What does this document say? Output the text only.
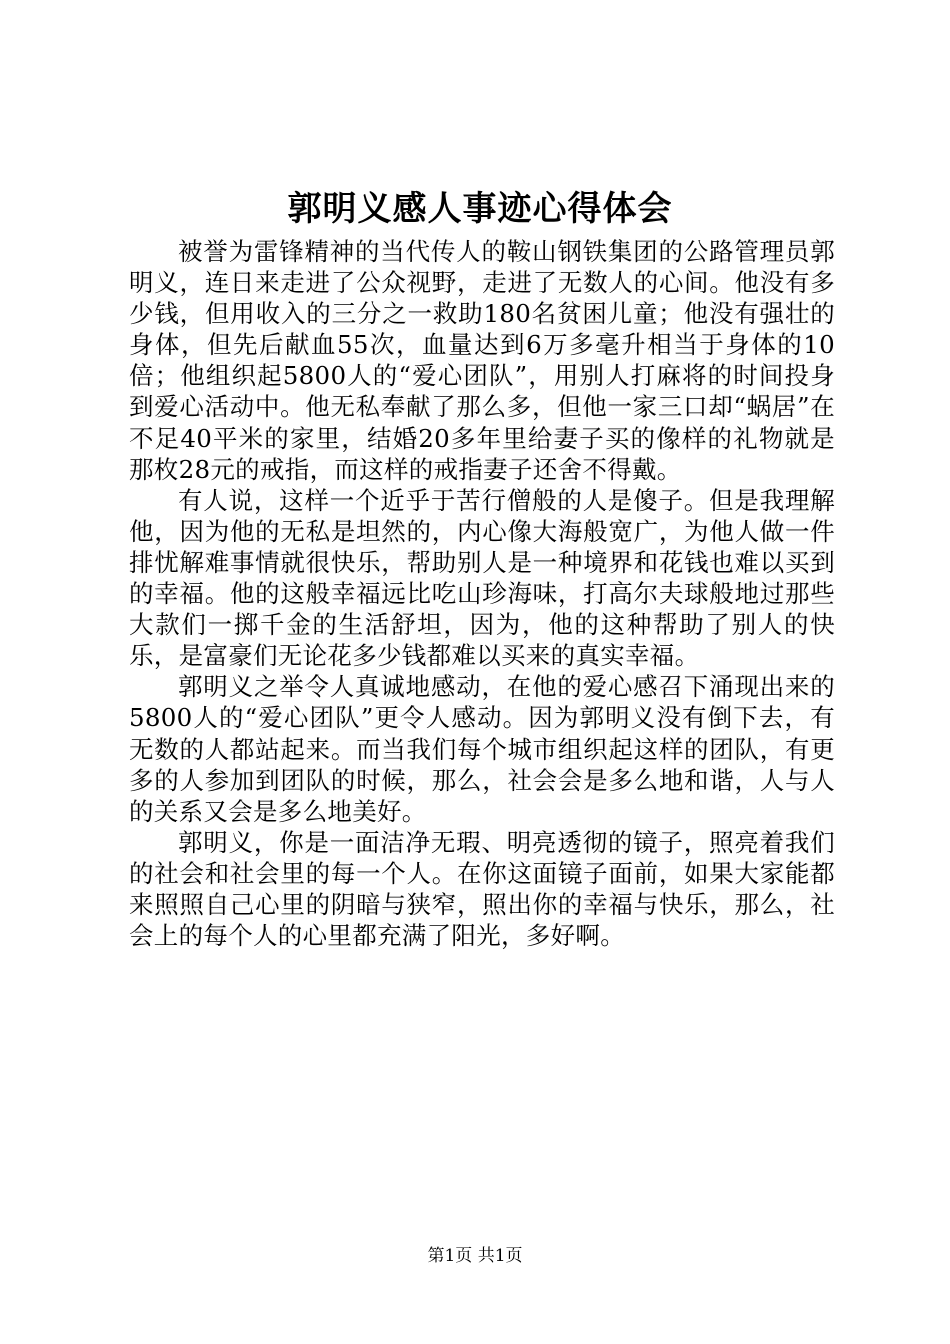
郭明义感人事迹心得体会

被誉为雷锋精神的当代传人的鞍山钢铁集团的公路管理员郭明义，连日来走进了公众视野，走进了无数人的心间。他没有多少钱，但用收入的三分之一救助180名贫困儿童；他没有强壮的身体，但先后献血55次，血量达到6万多毫升相当于身体的10倍；他组织起5800人的“爱心团队”，用别人打麻将的时间投身到爱心活动中。他无私奉献了那么多，但他一家三口却“蜗居”在不足40平米的家里，结婚20多年里给妻子买的像样的礼物就是那枚28元的戒指，而这样的戒指妻子还舍不得戴。

有人说，这样一个近乎于苦行僧般的人是傻子。但是我理解他，因为他的无私是坦然的，内心像大海般宽广，为他人做一件排忧解难事情就很快乐，帮助别人是一种境界和花钱也难以买到的幸福。他的这般幸福远比吃山珍海味，打高尔夫球般地过那些大款们一掷千金的生活舒坦，因为，他的这种帮助了别人的快乐，是富豪们无论花多少钱都难以买来的真实幸福。

郭明义之举令人真诚地感动，在他的爱心感召下涌现出来的5800人的“爱心团队”更令人感动。因为郭明义没有倒下去，有无数的人都站起来。而当我们每个城市组织起这样的团队，有更多的人参加到团队的时候，那么，社会会是多么地和谐，人与人的关系又会是多么地美好。

郭明义，你是一面洁净无瑕、明亮透彻的镜子，照亮着我们的社会和社会里的每一个人。在你这面镜子面前，如果大家能都来照照自己心里的阴暗与狭窄，照出你的幸福与快乐，那么，社会上的每个人的心里都充满了阳光，多好啊。

第1页 共1页
